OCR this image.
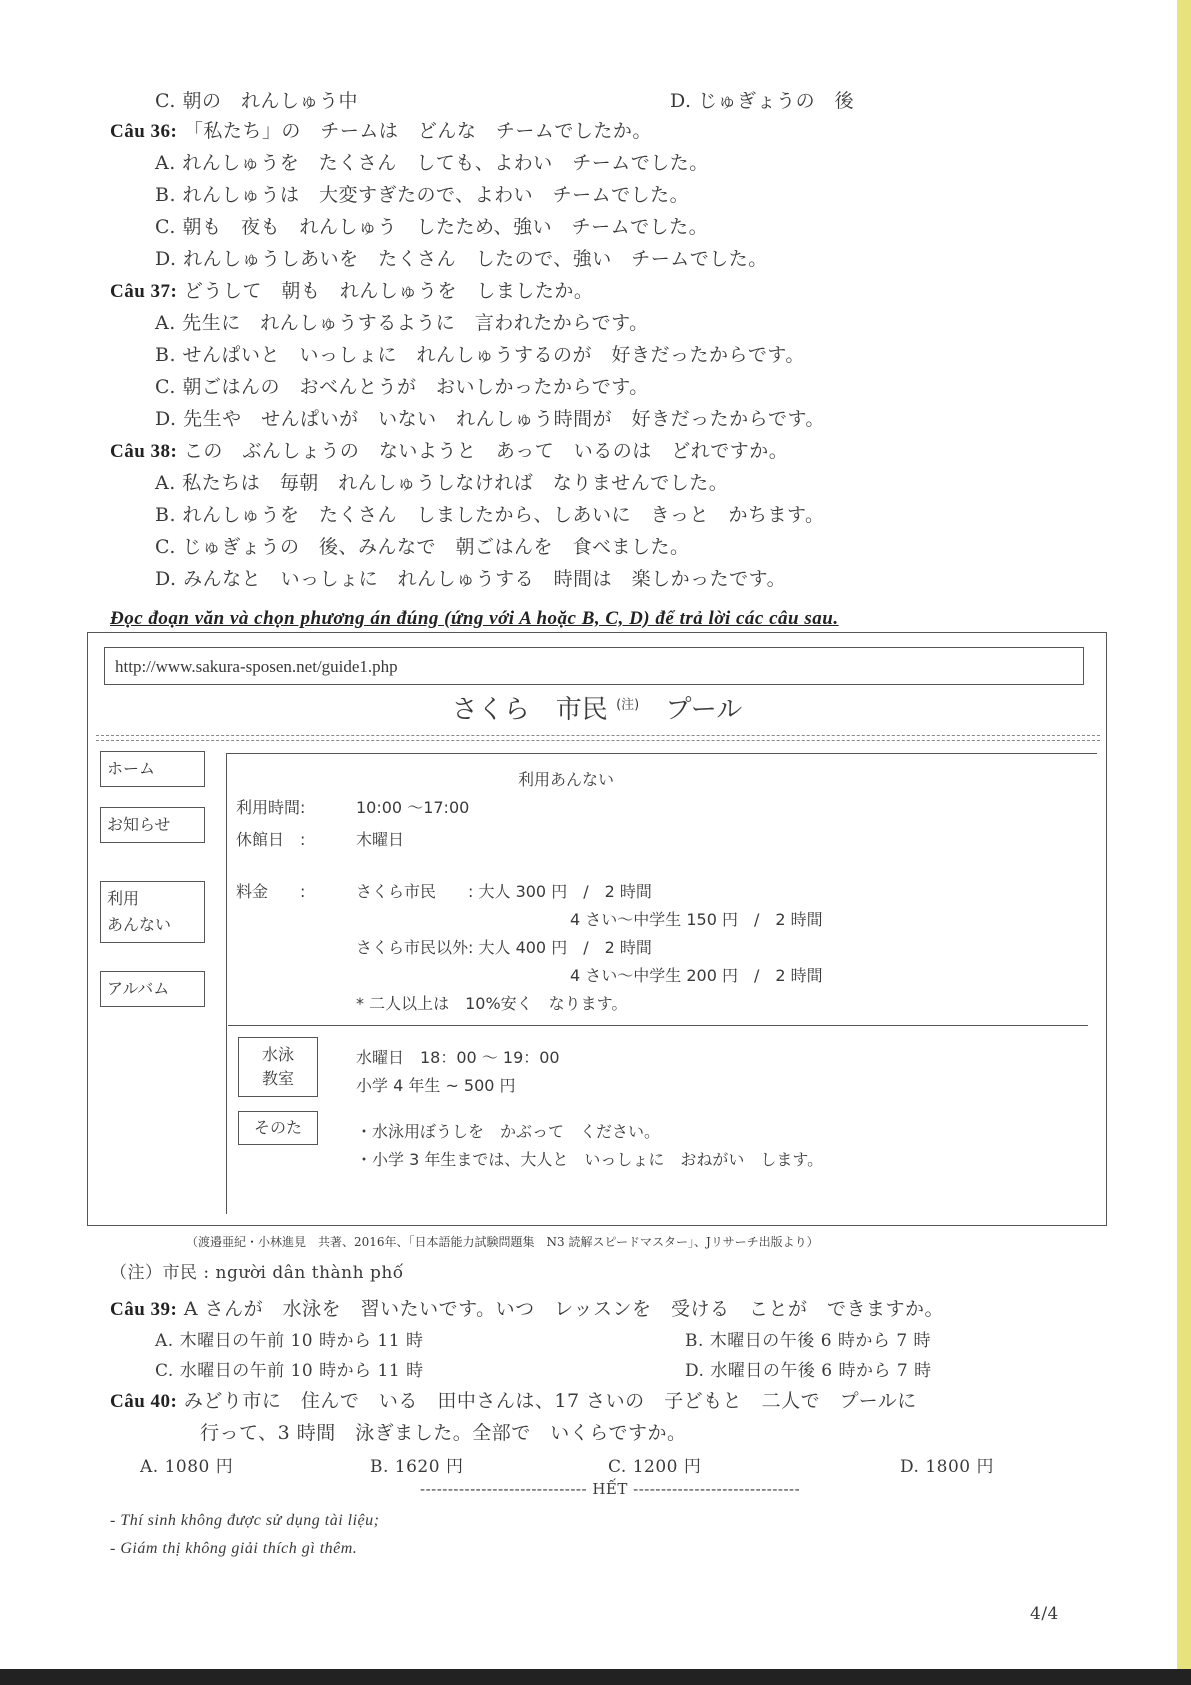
C. 朝の　れんしゅう中	D. じゅぎょうの　後
Câu 36: 「私たち」の　チームは　どんな　チームでしたか。
A. れんしゅうを　たくさん　しても、よわい　チームでした。
B. れんしゅうは　大変すぎたので、よわい　チームでした。
C. 朝も　夜も　れんしゅう　したため、強い　チームでした。
D. れんしゅうしあいを　たくさん　したので、強い　チームでした。
Câu 37: どうして　朝も　れんしゅうを　しましたか。
A. 先生に　れんしゅうするように　言われたからです。
B. せんぱいと　いっしょに　れんしゅうするのが　好きだったからです。
C. 朝ごはんの　おべんとうが　おいしかったからです。
D. 先生や　せんぱいが　いない　れんしゅう時間が　好きだったからです。
Câu 38: この　ぶんしょうの　ないようと　あって　いるのは　どれですか。
A. 私たちは　毎朝　れんしゅうしなければ　なりませんでした。
B. れんしゅうを　たくさん　しましたから、しあいに　きっと　かちます。
C. じゅぎょうの　後、みんなで　朝ごはんを　食べました。
D. みんなと　いっしょに　れんしゅうする　時間は　楽しかったです。
Đọc đoạn văn và chọn phương án đúng (ứng với A hoặc B, C, D) để trả lời các câu sau.
http://www.sakura-sposen.net/guide1.php
さくら　市民 $^{(注)}$ プール
ホーム
お知らせ
利用
あんない
アルバム
利用あんない
利用時間:	10:00 ～17:00
休館日　:	木曜日
料金　　:	さくら市民　　: 大人 300 円　/　2 時間
4 さい～中学生 150 円　/　2 時間
さくら市民以外: 大人 400 円　/　2 時間
4 さい～中学生 200 円　/　2 時間
* 二人以上は　10%安く　なります。
水泳
教室
水曜日　18：00 ～ 19：00
小学 4 年生 ~ 500 円
そのた	・水泳用ぼうしを　かぶって　ください。
・小学 3 年生までは、大人と　いっしょに　おねがい　します。
（渡邉亜紀・小林進見　共著、2016年、「日本語能力試験問題集　N3 読解スピードマスター」、Jリサーチ出版より）
（注）市民 : người dân thành phố
Câu 39: A さんが　水泳を　習いたいです。いつ　レッスンを　受ける　ことが　できますか。
A. 木曜日の午前 10 時から 11 時	B. 木曜日の午後 6 時から 7 時
C. 水曜日の午前 10 時から 11 時	D. 水曜日の午後 6 時から 7 時
Câu 40: みどり市に　住んで　いる　田中さんは、17 さいの　子どもと　二人で　プールに
行って、3 時間　泳ぎました。全部で　いくらですか。
A. 1080 円	B. 1620 円	C. 1200 円	D. 1800 円
------------------------------ HẾT ------------------------------
- Thí sinh không được sử dụng tài liệu;
- Giám thị không giải thích gì thêm.
4/4
